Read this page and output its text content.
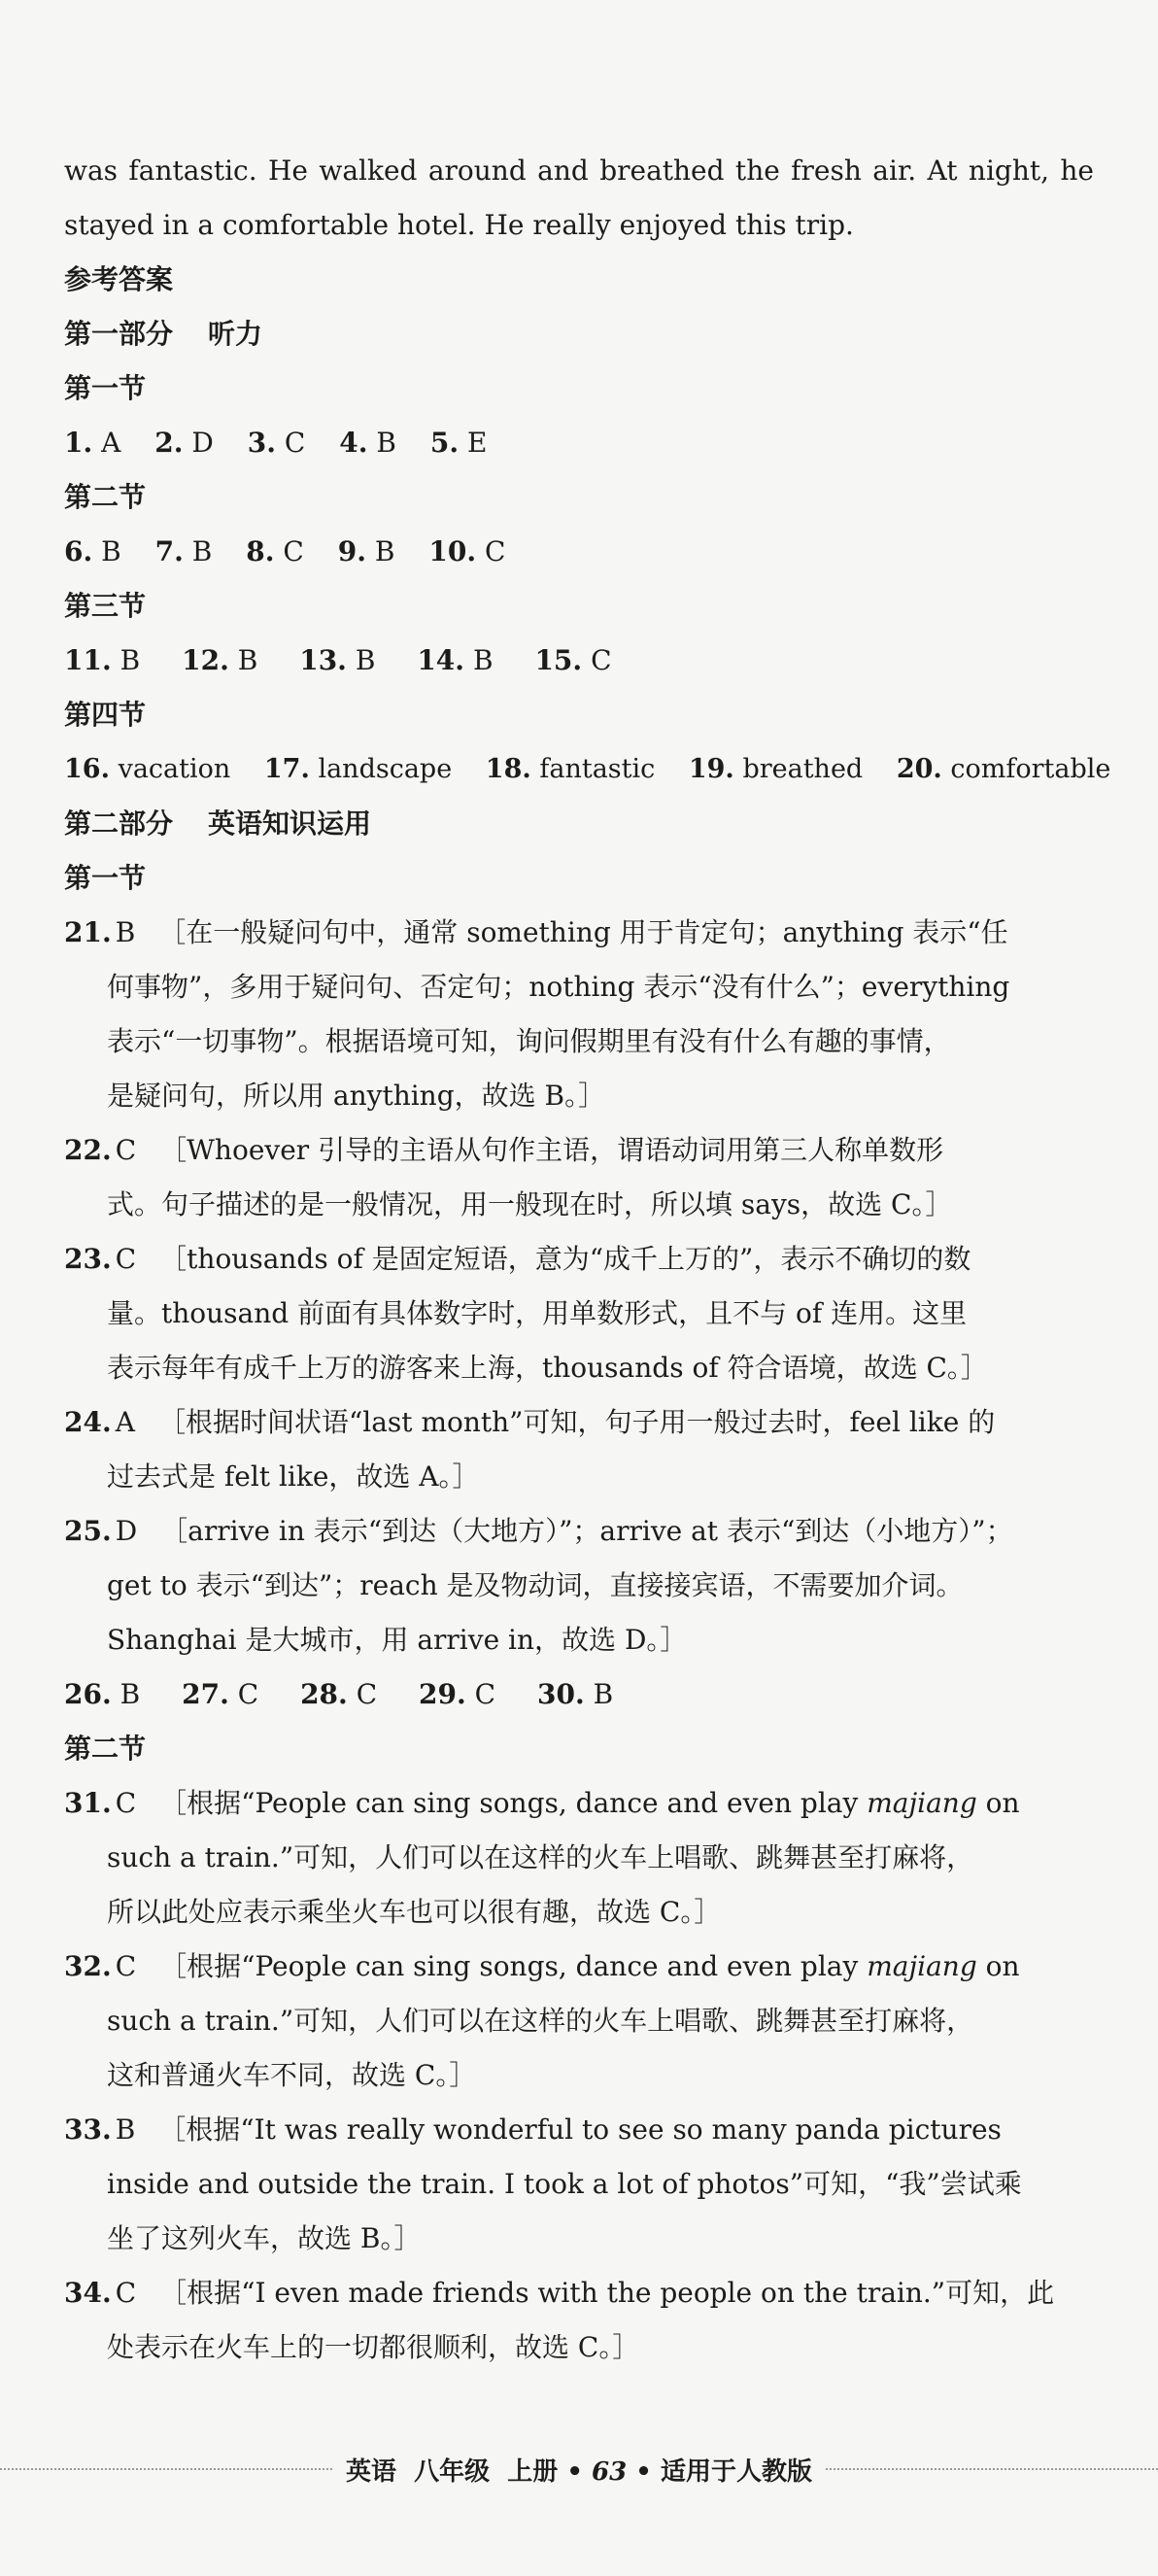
was fantastic. He walked around and breathed the fresh air. At night, he
stayed in a comfortable hotel. He really enjoyed this trip.
参考答案
第一部分 听力
第一节
1. A 2. D 3. C 4. B 5. E
第二节
6. B 7. B 8. C 9. B 10. C
第三节
11. B 12. B 13. B 14. B 15. C
第四节
16. vacation 17. landscape 18. fantastic 19. breathed 20. comfortable
第二部分 英语知识运用
第一节
21. B ［在一般疑问句中，通常 something 用于肯定句；anything 表示“任
何事物”，多用于疑问句、否定句；nothing 表示“没有什么”；everything
表示“一切事物”。根据语境可知，询问假期里有没有什么有趣的事情，
是疑问句，所以用 anything，故选 B。］
22. C ［Whoever 引导的主语从句作主语，谓语动词用第三人称单数形
式。句子描述的是一般情况，用一般现在时，所以填 says，故选 C。］
23. C ［thousands of 是固定短语，意为“成千上万的”，表示不确切的数
量。thousand 前面有具体数字时，用单数形式，且不与 of 连用。这里
表示每年有成千上万的游客来上海，thousands of 符合语境，故选 C。］
24. A ［根据时间状语“last month”可知，句子用一般过去时，feel like 的
过去式是 felt like，故选 A。］
25. D ［arrive in 表示“到达（大地方）”；arrive at 表示“到达（小地方）”；
get to 表示“到达”；reach 是及物动词，直接接宾语，不需要加介词。
Shanghai 是大城市，用 arrive in，故选 D。］
26. B 27. C 28. C 29. C 30. B
第二节
31. C ［根据“People can sing songs, dance and even play majiang on
such a train.”可知，人们可以在这样的火车上唱歌、跳舞甚至打麻将，
所以此处应表示乘坐火车也可以很有趣，故选 C。］
32. C ［根据“People can sing songs, dance and even play majiang on
such a train.”可知，人们可以在这样的火车上唱歌、跳舞甚至打麻将，
这和普通火车不同，故选 C。］
33. B ［根据“It was really wonderful to see so many panda pictures
inside and outside the train. I took a lot of photos”可知，“我”尝试乘
坐了这列火车，故选 B。］
34. C ［根据“I even made friends with the people on the train.”可知，此
处表示在火车上的一切都很顺利，故选 C。］
英语 八年级 上册 • 63 • 适用于人教版
